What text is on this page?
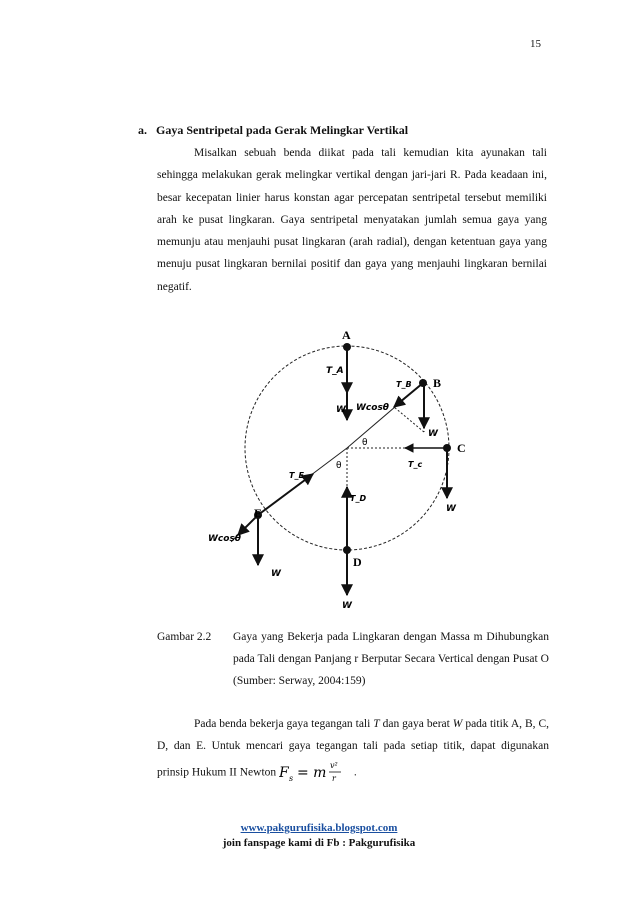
15
a. Gaya Sentripetal pada Gerak Melingkar Vertikal

Misalkan sebuah benda diikat pada tali kemudian kita ayunakan tali sehingga melakukan gerak melingkar vertikal dengan jari-jari R. Pada keadaan ini, besar kecepatan linier harus konstan agar percepatan sentripetal tersebut memiliki arah ke pusat lingkaran. Gaya sentripetal menyatakan jumlah semua gaya yang memunju atau menjauhi pusat lingkaran (arah radial), dengan ketentuan gaya yang menuju pusat lingkaran bernilai positif dan gaya yang menjauhi lingkaran bernilai negatif.

A
B
C
D
E
T_A
W Wcosθ
T_B
W
θ
θ	T_c
W
T_D
W
T_E
Wcosθ
W
Gambar 2.2 Gaya yang Bekerja pada Lingkaran dengan Massa m Dihubungkan pada Tali dengan Panjang r Berputar Secara Vertical dengan Pusat O (Sumber: Serway, 2004:159)

Pada benda bekerja gaya tegangan tali T dan gaya berat W pada titik A, B, C, D, dan E. Untuk mencari gaya tegangan tali pada setiap titik, dapat digunakan prinsip Hukum II Newton F s = m v²
r .

www.pakgurufisika.blogspot.com
join fanspage kami di Fb : Pakgurufisika
